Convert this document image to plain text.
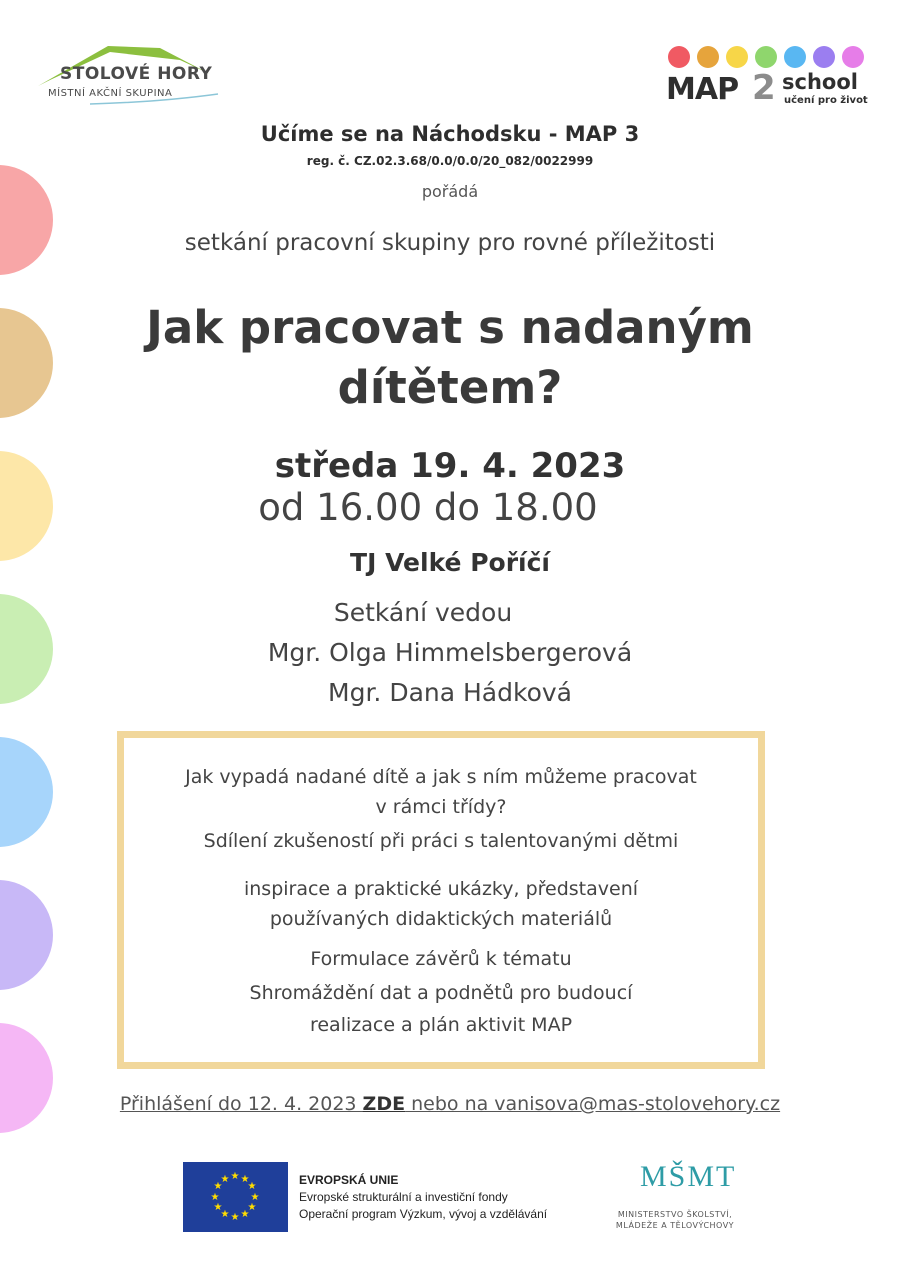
STOLOVÉ HORY
MÍSTNÍ AKČNÍ SKUPINA	MAP 2 school
učení pro život
Učíme se na Náchodsku - MAP 3
reg. č. CZ.02.3.68/0.0/0.0/20_082/0022999
pořádá
setkání pracovní skupiny pro rovné příležitosti
Jak pracovat s nadaným
dítětem?
středa 19. 4. 2023
od 16.00 do 18.00
TJ Velké Poříčí
Setkání vedou
Mgr. Olga Himmelsbergerová
Mgr. Dana Hádková
Jak vypadá nadané dítě a jak s ním můžeme pracovat
v rámci třídy?
Sdílení zkušeností při práci s talentovanými dětmi
inspirace a praktické ukázky, představení
používaných didaktických materiálů
Formulace závěrů k tématu
Shromáždění dat a podnětů pro budoucí
realizace a plán aktivit MAP
Přihlášení do 12. 4. 2023 ZDE nebo na vanisova@mas-stolovehory.cz
★ ★
★
★
★
★
★
★
★
★
★
★	EVROPSKÁ UNIE
Evropské strukturální a investiční fondy
Operační program Výzkum, vývoj a vzdělávání
MŠMT
MINISTERSTVO ŠKOLSTVÍ,
MLÁDEŽE A TĚLOVÝCHOVY
